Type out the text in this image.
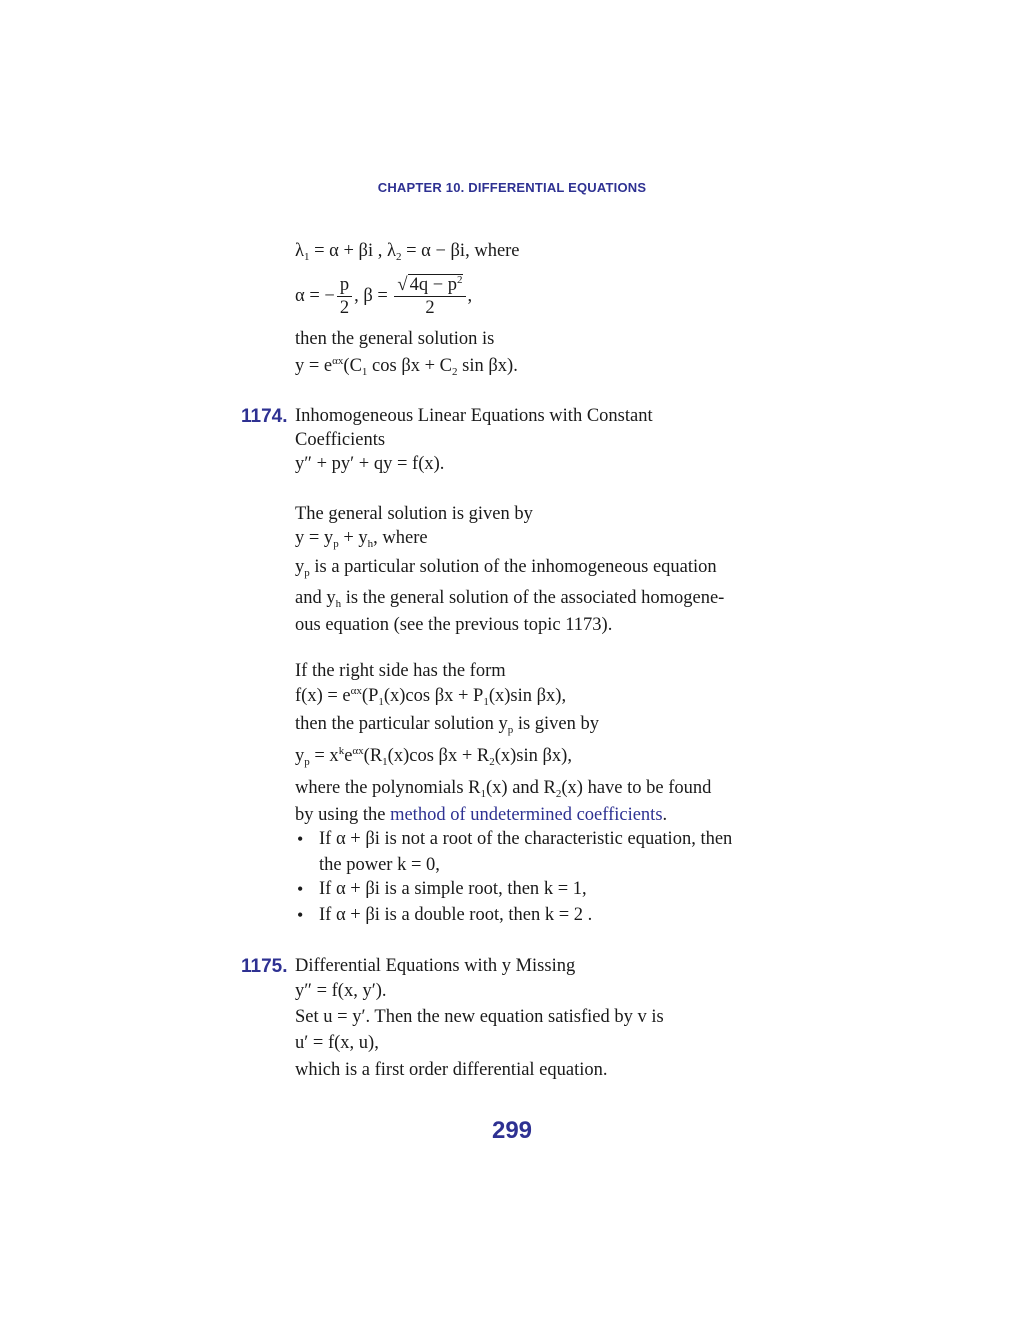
CHAPTER 10. DIFFERENTIAL EQUATIONS
$\lambda_1 = \alpha + \beta i$ , $\lambda_2 = \alpha - \beta i$, where
α = − $\frac{p}{2}$ , $\beta = \frac{√ 4q - p^2}{2}$ ,
then the general solution is
$y = e^{\alpha x}(C_1$ $\cos \beta x + C_2$ sin βx).
1174. Inhomogeneous Linear Equations with Constant
Coefficients
y″ + py′ + qy = f(x).
The general solution is given by
$y = y_p + y_h$, where
$y_p$ is a particular solution of the inhomogeneous equation
and $y_h$ is the general solution of the associated homogene-
ous equation (see the previous topic 1173).
If the right side has the form
$f(x) = e^{\alpha x}(P_1(x)\cos$ $\beta x + P_1(x)\sin$ βx),
then the particular solution $y_p$ is given by
$y_p = x^ke^{\alpha x}(R_1(x)\cos$ $\beta x + R_2(x)\sin$ βx),
where the polynomials $R_1(x)$ and $R_2(x)$ have to be found
by using the method of undetermined coefficients.
• If α + βi is not a root of the characteristic equation, then
the power k = 0,
• If α + βi is a simple root, then k = 1,
• If α + βi is a double root, then k = 2 .
1175. Differential Equations with y Missing
y″ = f(x, y′).
Set u = y′. Then the new equation satisfied by v is
u′ = f(x, u),
which is a first order differential equation.
299
